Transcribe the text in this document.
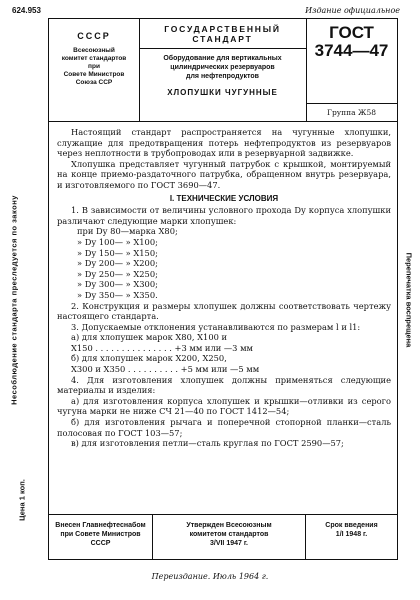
624.953	Издание официальное
Несоблюдение стандарта преследуется по закону
Цена 1 коп.
Перепечатка воспрещена
СССР
Всесоюзный
комитет стандартов
при
Совете Министров
Союза ССР
ГОСУДАРСТВЕННЫЙ
СТАНДАРТ
Оборудование для вертикальных
цилиндрических резервуаров
для нефтепродуктов
ХЛОПУШКИ ЧУГУННЫЕ
ГОСТ
3744—47
Группа Ж58

Настоящий стандарт распространяется на чугунные хлопушки, служащие для предотвращения потерь нефтепродуктов из резервуаров через неплотности в трубопроводах или в резервуарной задвижке.

Хлопушка представляет чугунный патрубок с крышкой, монтируемый на конце приемо-раздаточного патрубка, обращенном внутрь резервуара, и изготовляемого по ГОСТ 3690—47.

I. ТЕХНИЧЕСКИЕ УСЛОВИЯ

1. В зависимости от величины условного прохода Dу корпуса хлопушки различают следующие марки хлопушек:

при Dу 80—марка Х80;

» Dу 100— » Х100;

» Dу 150— » Х150;

» Dу 200— » Х200;

» Dу 250— » Х250;

» Dу 300— » Х300;

» Dу 350— » Х350.

2. Конструкция и размеры хлопушек должны соответствовать чертежу настоящего стандарта.

3. Допускаемые отклонения устанавливаются по размерам l и l1:

а) для хлопушек марок Х80, Х100 и

Х150 . . . . . . . . . . . . . . . +3 мм или —3 мм

б) для хлопушек марок Х200, Х250,

Х300 и Х350 . . . . . . . . . . +5 мм или —5 мм

4. Для изготовления хлопушек должны применяться следующие материалы и изделия:

а) для изготовления корпуса хлопушек и крышки—отливки из серого чугуна марки не ниже СЧ 21—40 по ГОСТ 1412—54;

б) для изготовления рычага и поперечной стопорной планки—сталь полосовая по ГОСТ 103—57;

в) для изготовления петли—сталь круглая по ГОСТ 2590—57;

Внесен Главнефтеснабом
при Совете Министров
СССР
Утвержден Всесоюзным
комитетом стандартов
3/VII 1947 г.
Срок введения
1/I 1948 г.
Переиздание. Июль 1964 г.
